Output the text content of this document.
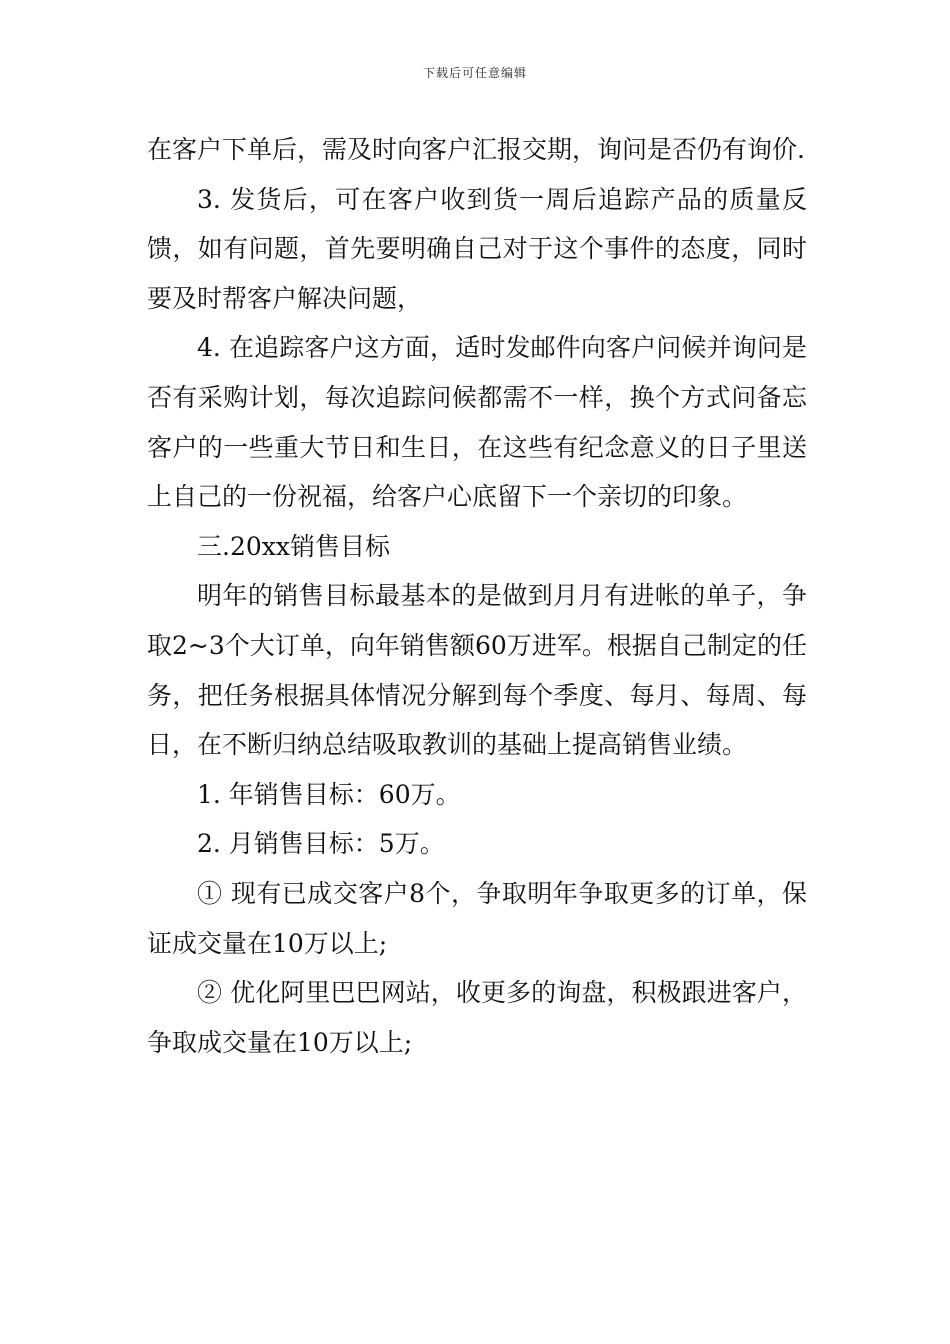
下载后可任意编辑

在客户下单后，需及时向客户汇报交期，询问是否仍有询价.

3. 发货后，可在客户收到货一周后追踪产品的质量反馈，如有问题，首先要明确自己对于这个事件的态度，同时要及时帮客户解决问题，

4. 在追踪客户这方面，适时发邮件向客户问候并询问是否有采购计划，每次追踪问候都需不一样，换个方式问备忘客户的一些重大节日和生日，在这些有纪念意义的日子里送上自己的一份祝福，给客户心底留下一个亲切的印象。

三.20xx销售目标

明年的销售目标最基本的是做到月月有进帐的单子，争取2~3个大订单，向年销售额60万进军。根据自己制定的任务，把任务根据具体情况分解到每个季度、每月、每周、每日，在不断归纳总结吸取教训的基础上提高销售业绩。

1. 年销售目标：60万。

2. 月销售目标：5万。

① 现有已成交客户8个，争取明年争取更多的订单，保证成交量在10万以上;

② 优化阿里巴巴网站，收更多的询盘，积极跟进客户，争取成交量在10万以上;
